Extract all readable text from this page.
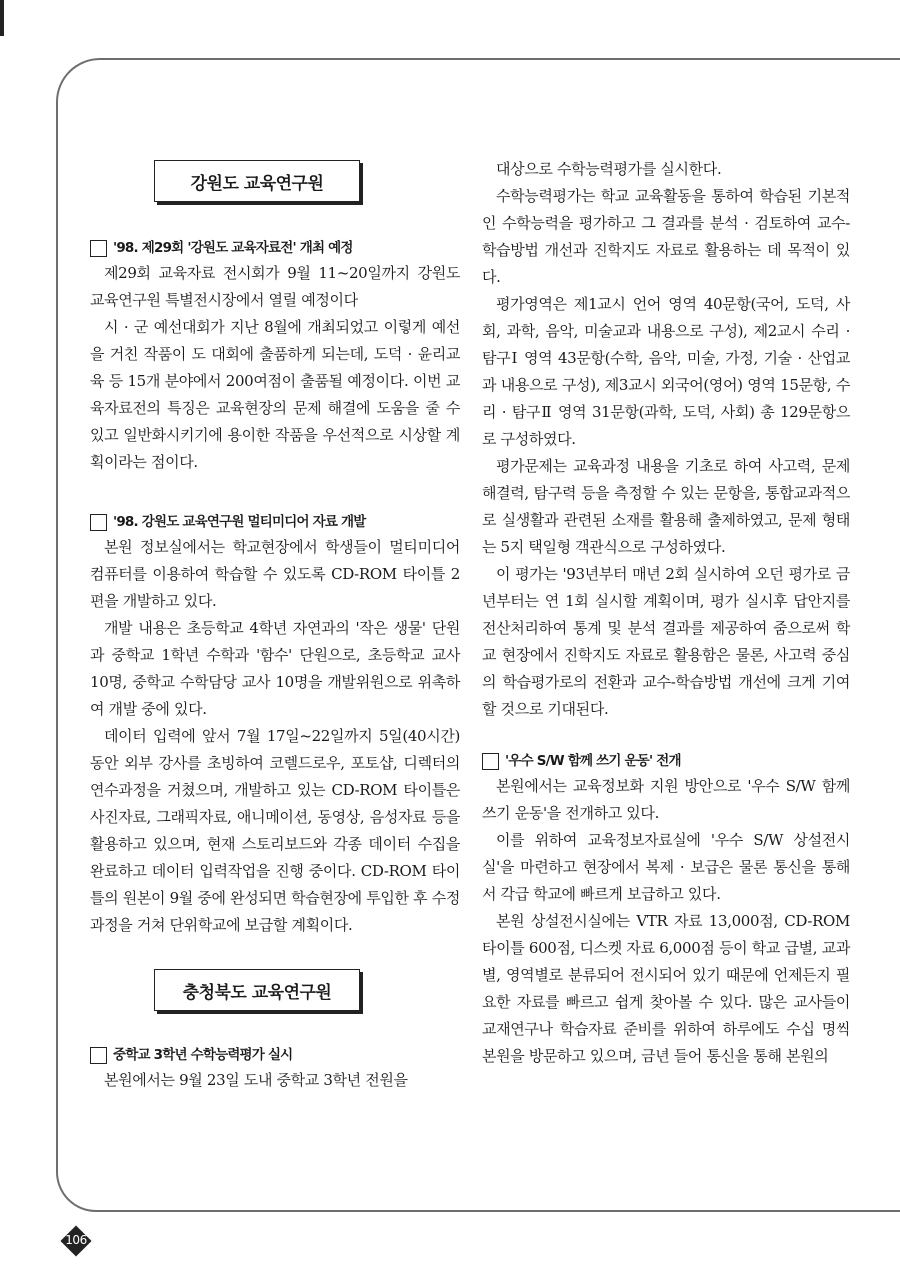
강원도 교육연구원
'98. 제29회 '강원도 교육자료전' 개최 예정

제29회 교육자료 전시회가 9월 11~20일까지 강원도 교육연구원 특별전시장에서 열릴 예정이다

시 · 군 예선대회가 지난 8월에 개최되었고 이렇게 예선을 거친 작품이 도 대회에 출품하게 되는데, 도덕 · 윤리교육 등 15개 분야에서 200여점이 출품될 예정이다. 이번 교육자료전의 특징은 교육현장의 문제 해결에 도움을 줄 수 있고 일반화시키기에 용이한 작품을 우선적으로 시상할 계획이라는 점이다.

'98. 강원도 교육연구원 멀티미디어 자료 개발

본원 정보실에서는 학교현장에서 학생들이 멀티미디어 컴퓨터를 이용하여 학습할 수 있도록 CD-ROM 타이틀 2편을 개발하고 있다.

개발 내용은 초등학교 4학년 자연과의 '작은 생물' 단원과 중학교 1학년 수학과 '함수' 단원으로, 초등학교 교사 10명, 중학교 수학담당 교사 10명을 개발위원으로 위촉하여 개발 중에 있다.

데이터 입력에 앞서 7월 17일~22일까지 5일(40시간) 동안 외부 강사를 초빙하여 코렐드로우, 포토샵, 디렉터의 연수과정을 거쳤으며, 개발하고 있는 CD-ROM 타이틀은 사진자료, 그래픽자료, 애니메이션, 동영상, 음성자료 등을 활용하고 있으며, 현재 스토리보드와 각종 데이터 수집을 완료하고 데이터 입력작업을 진행 중이다. CD-ROM 타이틀의 원본이 9월 중에 완성되면 학습현장에 투입한 후 수정 과정을 거쳐 단위학교에 보급할 계획이다.

충청북도 교육연구원
중학교 3학년 수학능력평가 실시

본원에서는 9월 23일 도내 중학교 3학년 전원을

대상으로 수학능력평가를 실시한다.

수학능력평가는 학교 교육활동을 통하여 학습된 기본적인 수학능력을 평가하고 그 결과를 분석 · 검토하여 교수-학습방법 개선과 진학지도 자료로 활용하는 데 목적이 있다.

평가영역은 제1교시 언어 영역 40문항(국어, 도덕, 사회, 과학, 음악, 미술교과 내용으로 구성), 제2교시 수리 · 탐구Ⅰ 영역 43문항(수학, 음악, 미술, 가정, 기술 · 산업교과 내용으로 구성), 제3교시 외국어(영어) 영역 15문항, 수리 · 탐구Ⅱ 영역 31문항(과학, 도덕, 사회) 총 129문항으로 구성하였다.

평가문제는 교육과정 내용을 기초로 하여 사고력, 문제해결력, 탐구력 등을 측정할 수 있는 문항을, 통합교과적으로 실생활과 관련된 소재를 활용해 출제하였고, 문제 형태는 5지 택일형 객관식으로 구성하였다.

이 평가는 '93년부터 매년 2회 실시하여 오던 평가로 금년부터는 연 1회 실시할 계획이며, 평가 실시후 답안지를 전산처리하여 통계 및 분석 결과를 제공하여 줌으로써 학교 현장에서 진학지도 자료로 활용함은 물론, 사고력 중심의 학습평가로의 전환과 교수-학습방법 개선에 크게 기여할 것으로 기대된다.

'우수 S/W 함께 쓰기 운동' 전개

본원에서는 교육정보화 지원 방안으로 '우수 S/W 함께 쓰기 운동'을 전개하고 있다.

이를 위하여 교육정보자료실에 '우수 S/W 상설전시실'을 마련하고 현장에서 복제 · 보급은 물론 통신을 통해서 각급 학교에 빠르게 보급하고 있다.

본원 상설전시실에는 VTR 자료 13,000점, CD-ROM 타이틀 600점, 디스켓 자료 6,000점 등이 학교 급별, 교과별, 영역별로 분류되어 전시되어 있기 때문에 언제든지 필요한 자료를 빠르고 쉽게 찾아볼 수 있다. 많은 교사들이 교재연구나 학습자료 준비를 위하여 하루에도 수십 명씩 본원을 방문하고 있으며, 금년 들어 통신을 통해 본원의

106
